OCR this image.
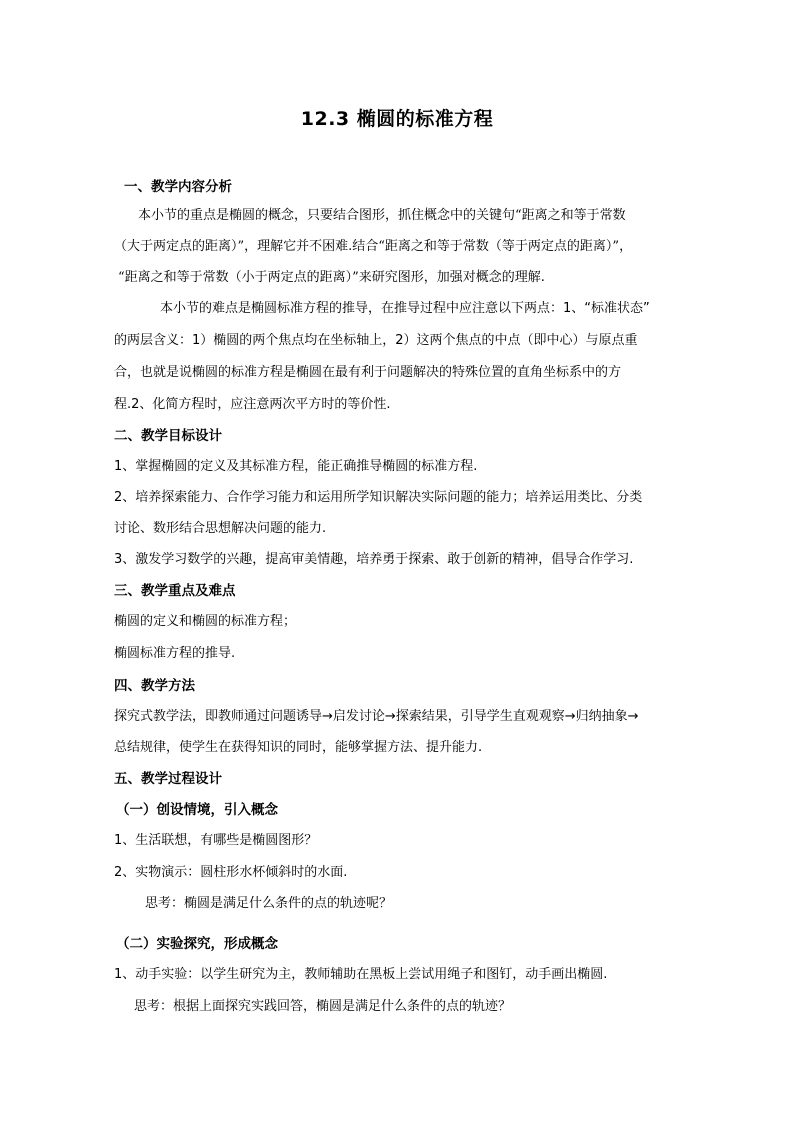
12.3 椭圆的标准方程
一、教学内容分析
本小节的重点是椭圆的概念，只要结合图形，抓住概念中的关键句“距离之和等于常数
（大于两定点的距离）”，理解它并不困难.结合“距离之和等于常数（等于两定点的距离）”，
“距离之和等于常数（小于两定点的距离）”来研究图形，加强对概念的理解.
本小节的难点是椭圆标准方程的推导，在推导过程中应注意以下两点：1、“标准状态”
的两层含义：1）椭圆的两个焦点均在坐标轴上，2）这两个焦点的中点（即中心）与原点重
合，也就是说椭圆的标准方程是椭圆在最有利于问题解决的特殊位置的直角坐标系中的方
程.2、化简方程时，应注意两次平方时的等价性.
二、教学目标设计
1、掌握椭圆的定义及其标准方程，能正确推导椭圆的标准方程.
2、培养探索能力、合作学习能力和运用所学知识解决实际问题的能力；培养运用类比、分类
讨论、数形结合思想解决问题的能力.
3、激发学习数学的兴趣，提高审美情趣，培养勇于探索、敢于创新的精神，倡导合作学习.
三、教学重点及难点
椭圆的定义和椭圆的标准方程；
椭圆标准方程的推导.
四、教学方法
探究式教学法，即教师通过问题诱导→启发讨论→探索结果，引导学生直观观察→归纳抽象→
总结规律，使学生在获得知识的同时，能够掌握方法、提升能力.
五、教学过程设计
（一）创设情境，引入概念
1、生活联想，有哪些是椭圆图形？
2、实物演示：圆柱形水杯倾斜时的水面.
思考：椭圆是满足什么条件的点的轨迹呢？
（二）实验探究，形成概念
1、动手实验：以学生研究为主，教师辅助在黑板上尝试用绳子和图钉，动手画出椭圆.
思考：根据上面探究实践回答，椭圆是满足什么条件的点的轨迹？
